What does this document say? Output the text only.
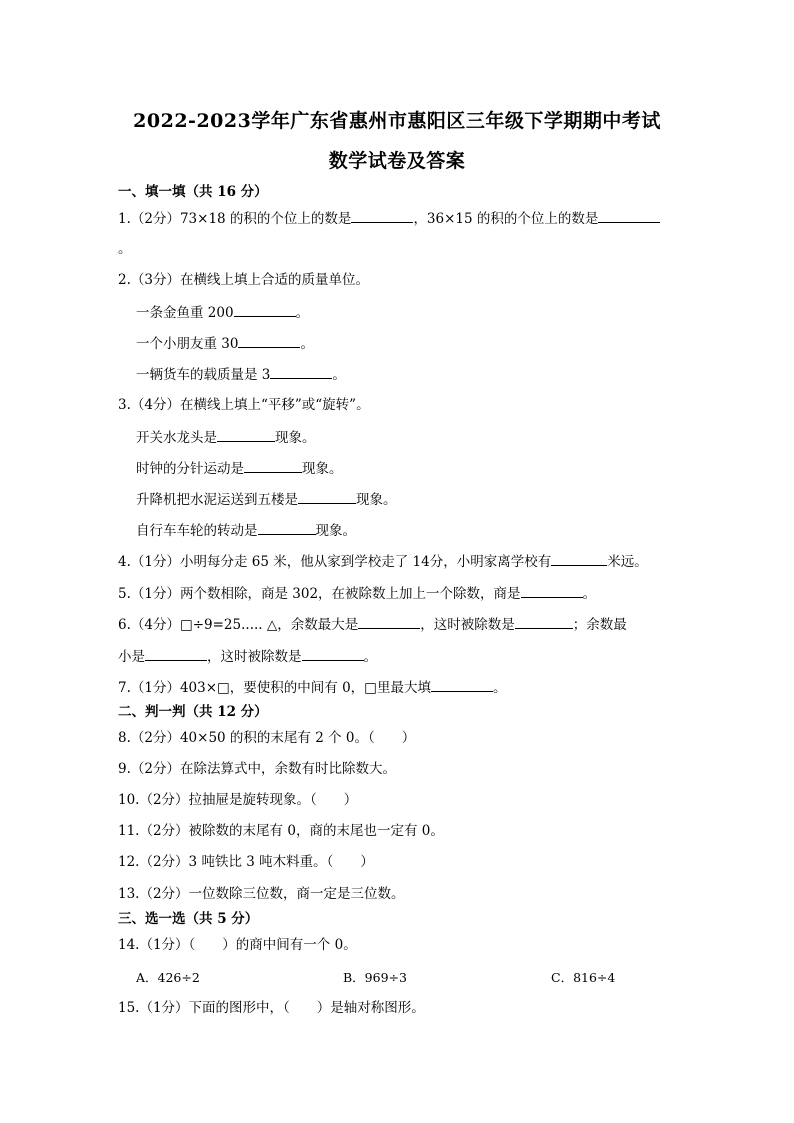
2022-2023学年广东省惠州市惠阳区三年级下学期期中考试
数学试卷及答案
一、填一填（共 16 分）
1.（2分）73×18 的积的个位上的数是	，36×15 的积的个位上的数是
。
2.（3分）在横线上填上合适的质量单位。
一条金鱼重 200	。
一个小朋友重 30	。
一辆货车的载质量是 3	。
3.（4分）在横线上填上“平移”或“旋转”。
开关水龙头是	现象。
时钟的分针运动是	现象。
升降机把水泥运送到五楼是	现象。
自行车车轮的转动是	现象。
4.（1分）小明每分走 65 米，他从家到学校走了 14分，小明家离学校有	米远。
5.（1分）两个数相除，商是 302，在被除数上加上一个除数，商是	。
6.（4分）□÷9=25..... △，余数最大是	，这时被除数是	；余数最
小是	，这时被除数是	。
7.（1分）403×□，要使积的中间有 0，□里最大填	。
二、判一判（共 12 分）
8.（2分）40×50 的积的末尾有 2 个 0。（　　）
9.（2分）在除法算式中，余数有时比除数大。
10.（2分）拉抽屉是旋转现象。（　　）
11.（2分）被除数的末尾有 0，商的末尾也一定有 0。
12.（2分）3 吨铁比 3 吨木料重。（　　）
13.（2分）一位数除三位数，商一定是三位数。
三、选一选（共 5 分）
14.（1分）（　　）的商中间有一个 0。
A．426÷2	B．969÷3	C．816÷4
15.（1分）下面的图形中，（　　）是轴对称图形。
